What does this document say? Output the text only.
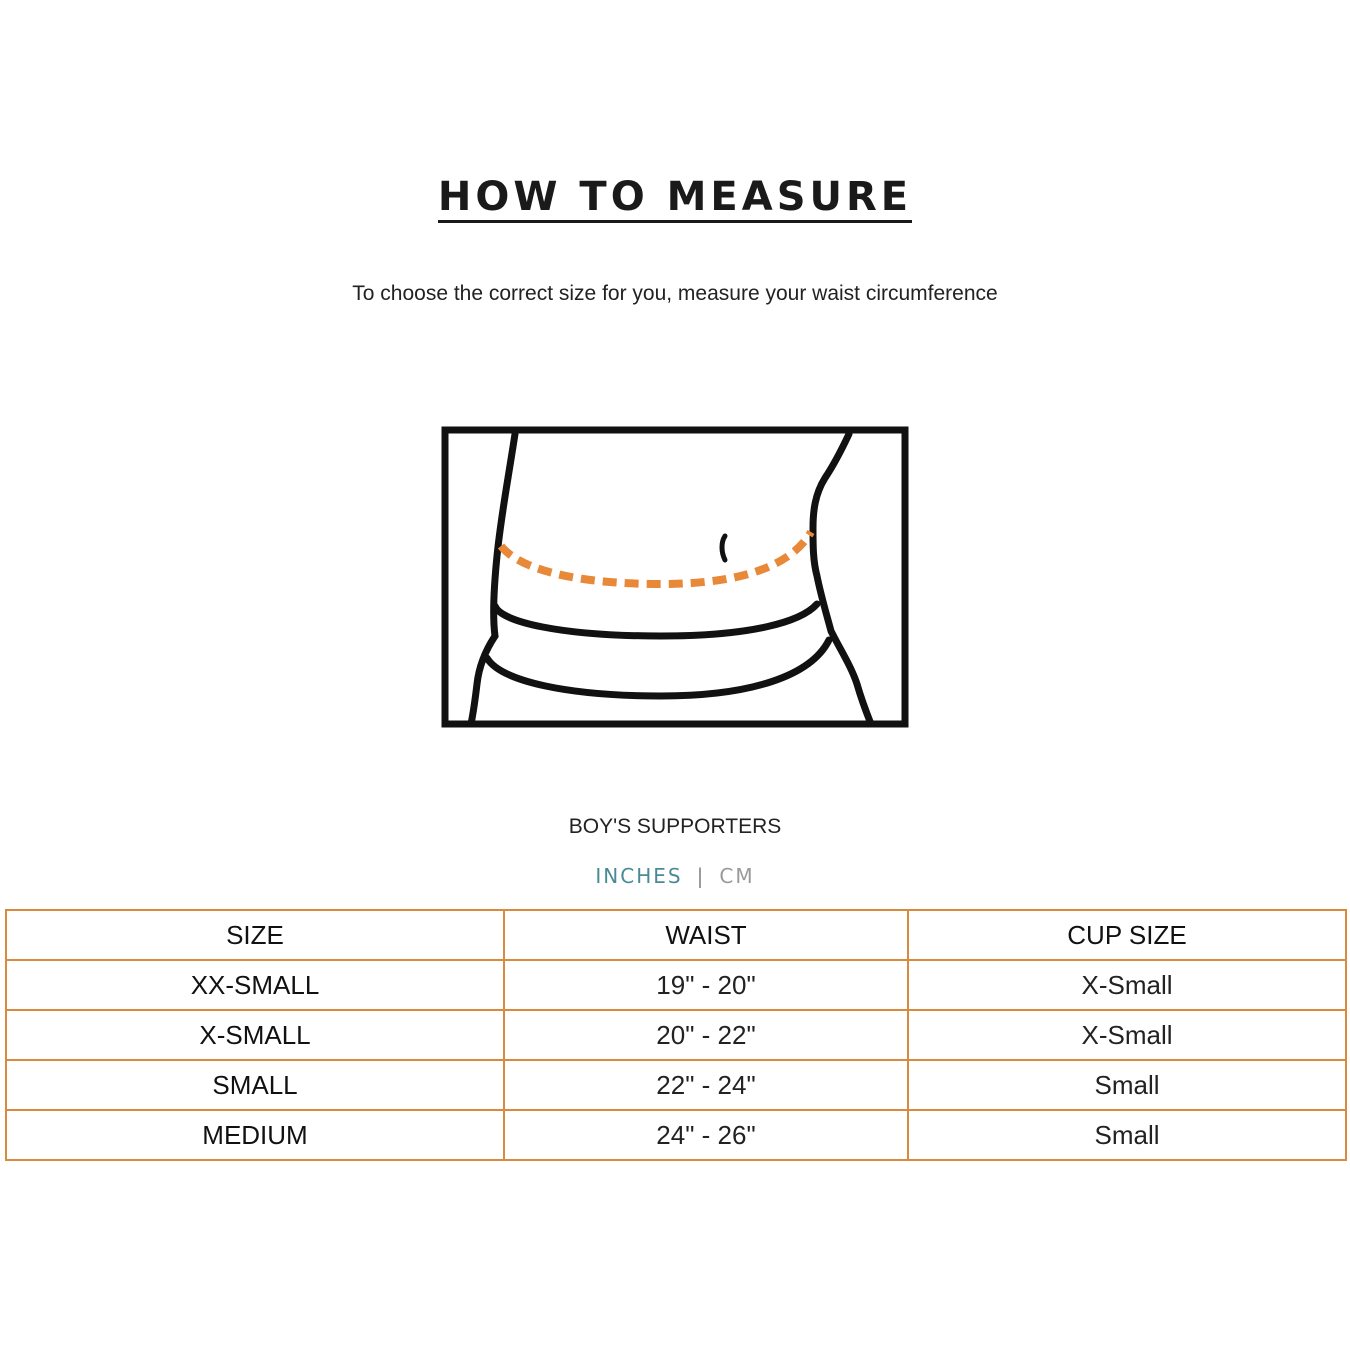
HOW TO MEASURE
To choose the correct size for you, measure your waist circumference
BOY'S SUPPORTERS
INCHES | CM
SIZE	WAIST	CUP SIZE
XX-SMALL	19" - 20"	X-Small
X-SMALL	20" - 22"	X-Small
SMALL	22" - 24"	Small
MEDIUM	24" - 26"	Small
